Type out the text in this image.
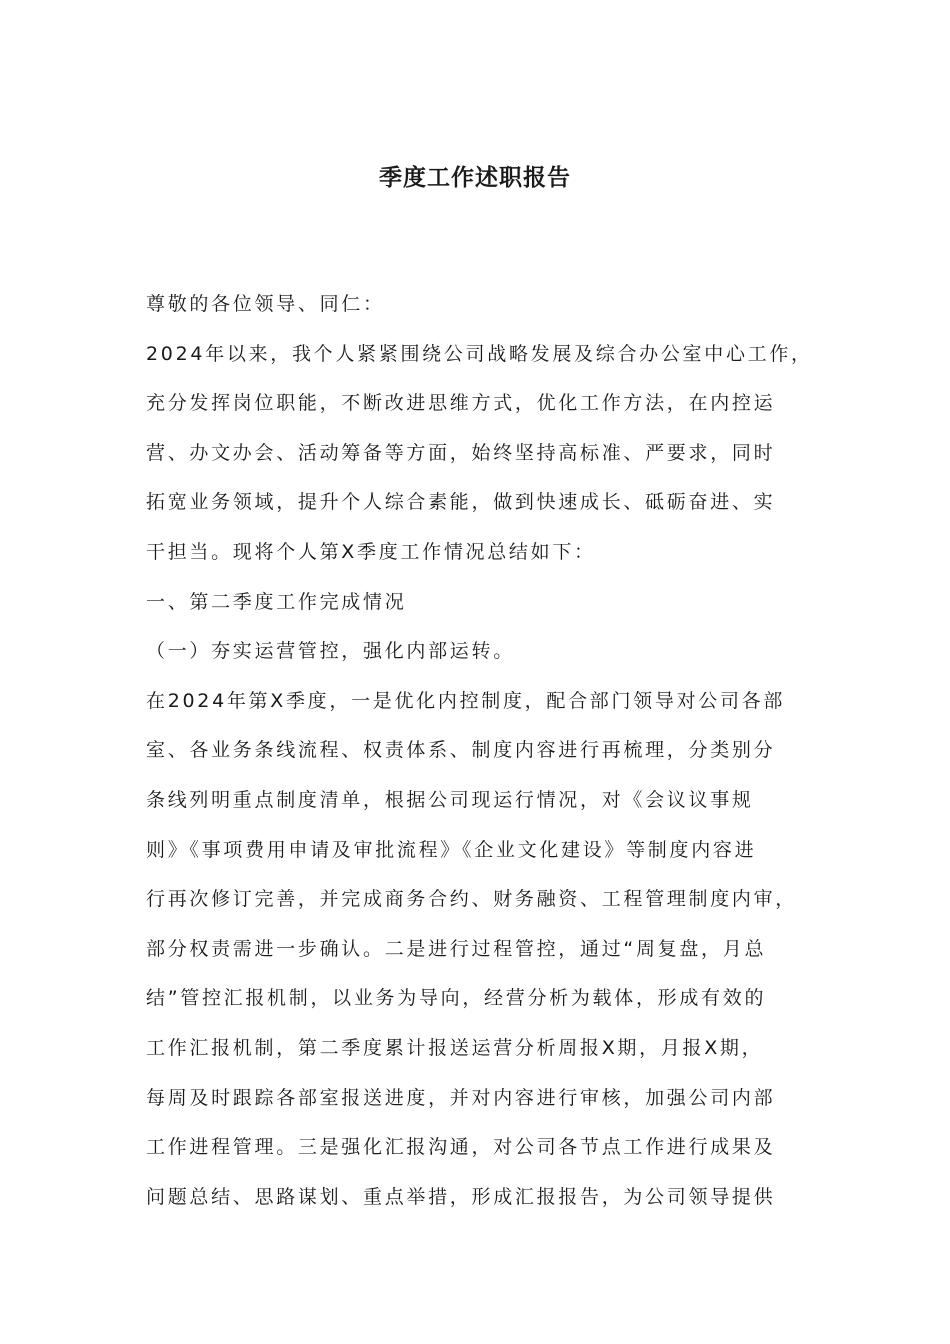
季度工作述职报告
尊敬的各位领导、同仁：
2024年以来，我个人紧紧围绕公司战略发展及综合办公室中心工作，
充分发挥岗位职能，不断改进思维方式，优化工作方法，在内控运
营、办文办会、活动筹备等方面，始终坚持高标准、严要求，同时
拓宽业务领域，提升个人综合素能，做到快速成长、砥砺奋进、实
干担当。现将个人第X季度工作情况总结如下：
一、第二季度工作完成情况
（一）夯实运营管控，强化内部运转。
在2024年第X季度，一是优化内控制度，配合部门领导对公司各部
室、各业务条线流程、权责体系、制度内容进行再梳理，分类别分
条线列明重点制度清单，根据公司现运行情况，对《会议议事规
则》《事项费用申请及审批流程》《企业文化建设》等制度内容进
行再次修订完善，并完成商务合约、财务融资、工程管理制度内审，
部分权责需进一步确认。二是进行过程管控，通过“周复盘，月总
结”管控汇报机制，以业务为导向，经营分析为载体，形成有效的
工作汇报机制，第二季度累计报送运营分析周报X期，月报X期，
每周及时跟踪各部室报送进度，并对内容进行审核，加强公司内部
工作进程管理。三是强化汇报沟通，对公司各节点工作进行成果及
问题总结、思路谋划、重点举措，形成汇报报告，为公司领导提供
